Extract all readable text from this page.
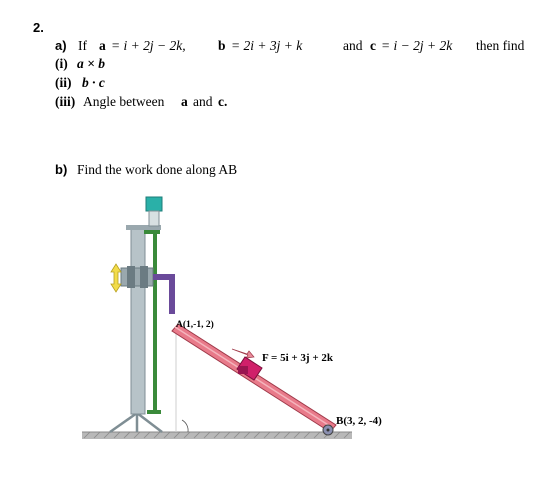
2.
a) If a = i + 2j − 2k, b = 2i + 3j + k	and c = i − 2j + 2k then find
(i) a × b
(ii) b · c
(iii) Angle between a and c.
b) Find the work done along AB
A(1,-1, 2)
F = 5i + 3j + 2k
B(3, 2, -4)
